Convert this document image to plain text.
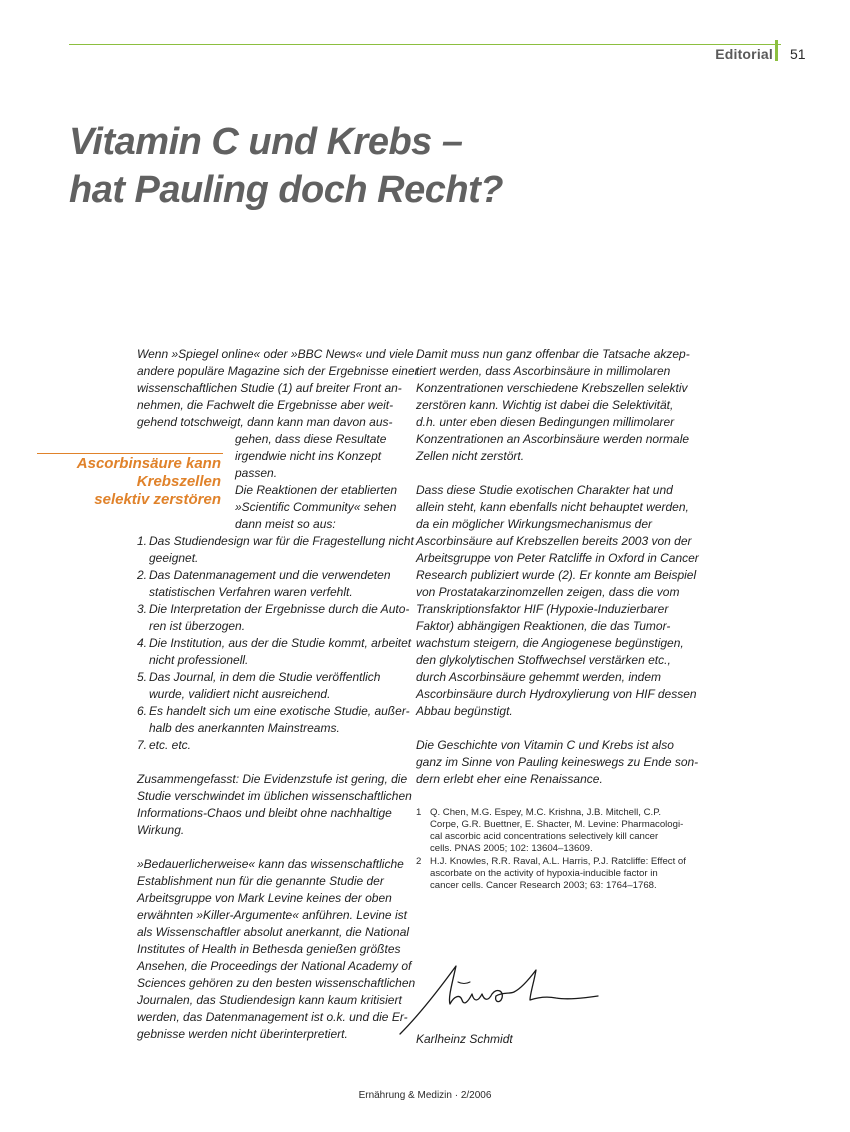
Editorial 51
Vitamin C und Krebs –
hat Pauling doch Recht?
Ascorbinsäure kann
Krebszellen
selektiv zerstören
Wenn »Spiegel online« oder »BBC News« und viele
andere populäre Magazine sich der Ergebnisse einer
wissenschaftlichen Studie (1) auf breiter Front an-
nehmen, die Fachwelt die Ergebnisse aber weit-
gehend totschweigt, dann kann man davon aus-
gehen, dass diese Resultate
irgendwie nicht ins Konzept
passen.
Die Reaktionen der etablierten
»Scientific Community« sehen
dann meist so aus:
1. Das Studiendesign war für die Fragestellung nicht
geeignet.
2. Das Datenmanagement und die verwendeten
statistischen Verfahren waren verfehlt.
3. Die Interpretation der Ergebnisse durch die Auto-
ren ist überzogen.
4. Die Institution, aus der die Studie kommt, arbeitet
nicht professionell.
5. Das Journal, in dem die Studie veröffentlich
wurde, validiert nicht ausreichend.
6. Es handelt sich um eine exotische Studie, außer-
halb des anerkannten Mainstreams.
7. etc. etc.
Zusammengefasst: Die Evidenzstufe ist gering, die
Studie verschwindet im üblichen wissenschaftlichen
Informations-Chaos und bleibt ohne nachhaltige
Wirkung.
»Bedauerlicherweise« kann das wissenschaftliche
Establishment nun für die genannte Studie der
Arbeitsgruppe von Mark Levine keines der oben
erwähnten »Killer-Argumente« anführen. Levine ist
als Wissenschaftler absolut anerkannt, die National
Institutes of Health in Bethesda genießen größtes
Ansehen, die Proceedings der National Academy of
Sciences gehören zu den besten wissenschaftlichen
Journalen, das Studiendesign kann kaum kritisiert
werden, das Datenmanagement ist o.k. und die Er-
gebnisse werden nicht überinterpretiert.
Damit muss nun ganz offenbar die Tatsache akzep-
tiert werden, dass Ascorbinsäure in millimolaren
Konzentrationen verschiedene Krebszellen selektiv
zerstören kann. Wichtig ist dabei die Selektivität,
d.h. unter eben diesen Bedingungen millimolarer
Konzentrationen an Ascorbinsäure werden normale
Zellen nicht zerstört.
Dass diese Studie exotischen Charakter hat und
allein steht, kann ebenfalls nicht behauptet werden,
da ein möglicher Wirkungsmechanismus der
Ascorbinsäure auf Krebszellen bereits 2003 von der
Arbeitsgruppe von Peter Ratcliffe in Oxford in Cancer
Research publiziert wurde (2). Er konnte am Beispiel
von Prostatakarzinomzellen zeigen, dass die vom
Transkriptionsfaktor HIF (Hypoxie-Induzierbarer
Faktor) abhängigen Reaktionen, die das Tumor-
wachstum steigern, die Angiogenese begünstigen,
den glykolytischen Stoffwechsel verstärken etc.,
durch Ascorbinsäure gehemmt werden, indem
Ascorbinsäure durch Hydroxylierung von HIF dessen
Abbau begünstigt.
Die Geschichte von Vitamin C und Krebs ist also
ganz im Sinne von Pauling keineswegs zu Ende son-
dern erlebt eher eine Renaissance.
1 Q. Chen, M.G. Espey, M.C. Krishna, J.B. Mitchell, C.P.
Corpe, G.R. Buettner, E. Shacter, M. Levine: Pharmacologi-
cal ascorbic acid concentrations selectively kill cancer
cells. PNAS 2005; 102: 13604–13609.
2 H.J. Knowles, R.R. Raval, A.L. Harris, P.J. Ratcliffe: Effect of
ascorbate on the activity of hypoxia-inducible factor in
cancer cells. Cancer Research 2003; 63: 1764–1768.
Karlheinz Schmidt
Ernährung & Medizin · 2/2006
